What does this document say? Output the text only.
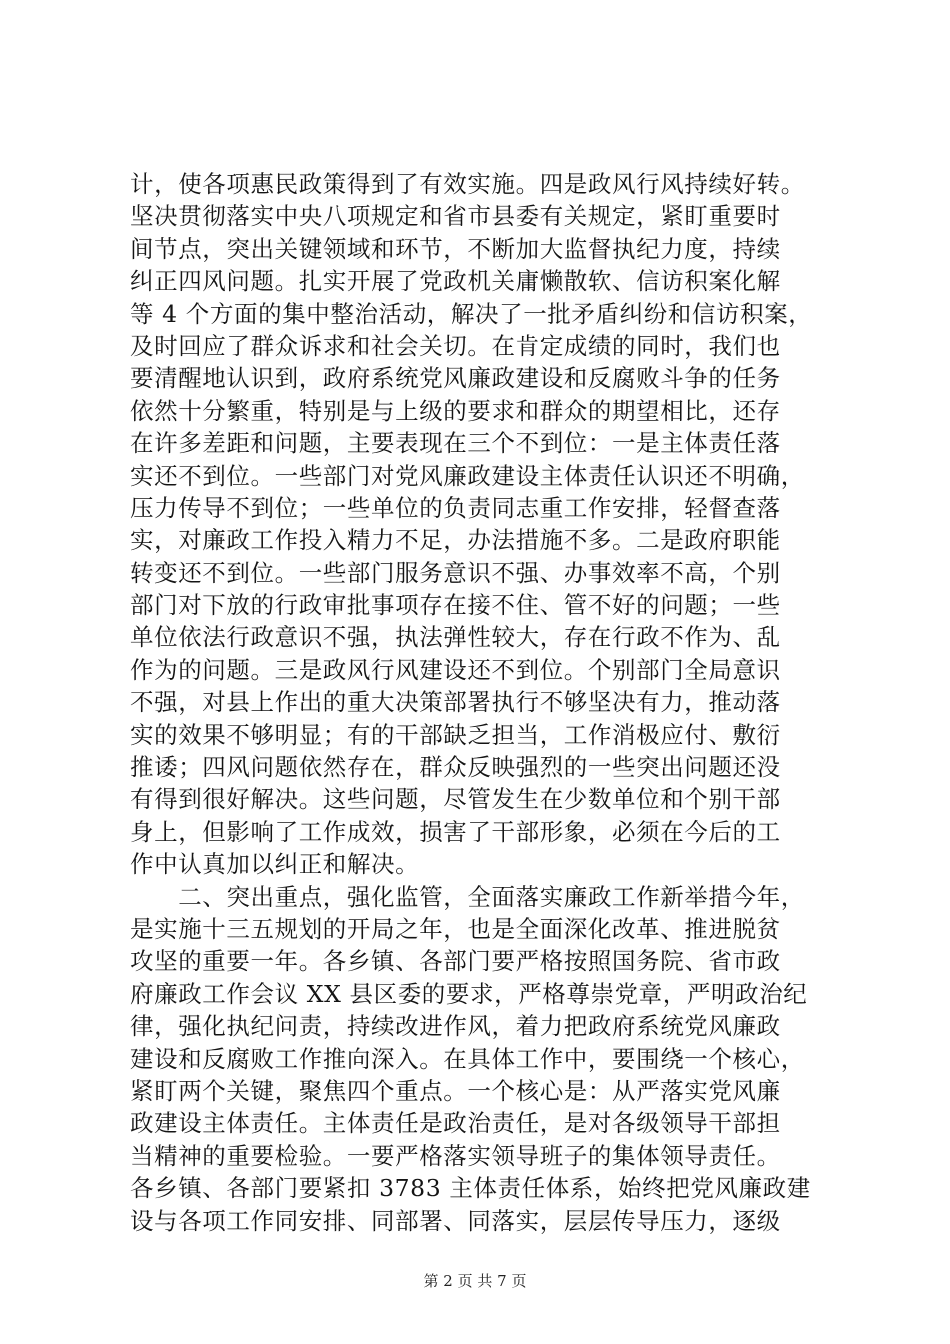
计，使各项惠民政策得到了有效实施。四是政风行风持续好转。
坚决贯彻落实中央八项规定和省市县委有关规定，紧盯重要时
间节点，突出关键领域和环节，不断加大监督执纪力度，持续
纠正四风问题。扎实开展了党政机关庸懒散软、信访积案化解
等 4 个方面的集中整治活动，解决了一批矛盾纠纷和信访积案，
及时回应了群众诉求和社会关切。在肯定成绩的同时，我们也
要清醒地认识到，政府系统党风廉政建设和反腐败斗争的任务
依然十分繁重，特别是与上级的要求和群众的期望相比，还存
在许多差距和问题，主要表现在三个不到位：一是主体责任落
实还不到位。一些部门对党风廉政建设主体责任认识还不明确，
压力传导不到位；一些单位的负责同志重工作安排，轻督查落
实，对廉政工作投入精力不足，办法措施不多。二是政府职能
转变还不到位。一些部门服务意识不强、办事效率不高，个别
部门对下放的行政审批事项存在接不住、管不好的问题；一些
单位依法行政意识不强，执法弹性较大，存在行政不作为、乱
作为的问题。三是政风行风建设还不到位。个别部门全局意识
不强，对县上作出的重大决策部署执行不够坚决有力，推动落
实的效果不够明显；有的干部缺乏担当，工作消极应付、敷衍
推诿；四风问题依然存在，群众反映强烈的一些突出问题还没
有得到很好解决。这些问题，尽管发生在少数单位和个别干部
身上，但影响了工作成效，损害了干部形象，必须在今后的工
作中认真加以纠正和解决。
　　二、突出重点，强化监管，全面落实廉政工作新举措今年，
是实施十三五规划的开局之年，也是全面深化改革、推进脱贫
攻坚的重要一年。各乡镇、各部门要严格按照国务院、省市政
府廉政工作会议 XX 县区委的要求，严格尊崇党章，严明政治纪
律，强化执纪问责，持续改进作风，着力把政府系统党风廉政
建设和反腐败工作推向深入。在具体工作中，要围绕一个核心，
紧盯两个关键，聚焦四个重点。一个核心是：从严落实党风廉
政建设主体责任。主体责任是政治责任，是对各级领导干部担
当精神的重要检验。一要严格落实领导班子的集体领导责任。
各乡镇、各部门要紧扣 3783 主体责任体系，始终把党风廉政建
设与各项工作同安排、同部署、同落实，层层传导压力，逐级
第 2 页 共 7 页
